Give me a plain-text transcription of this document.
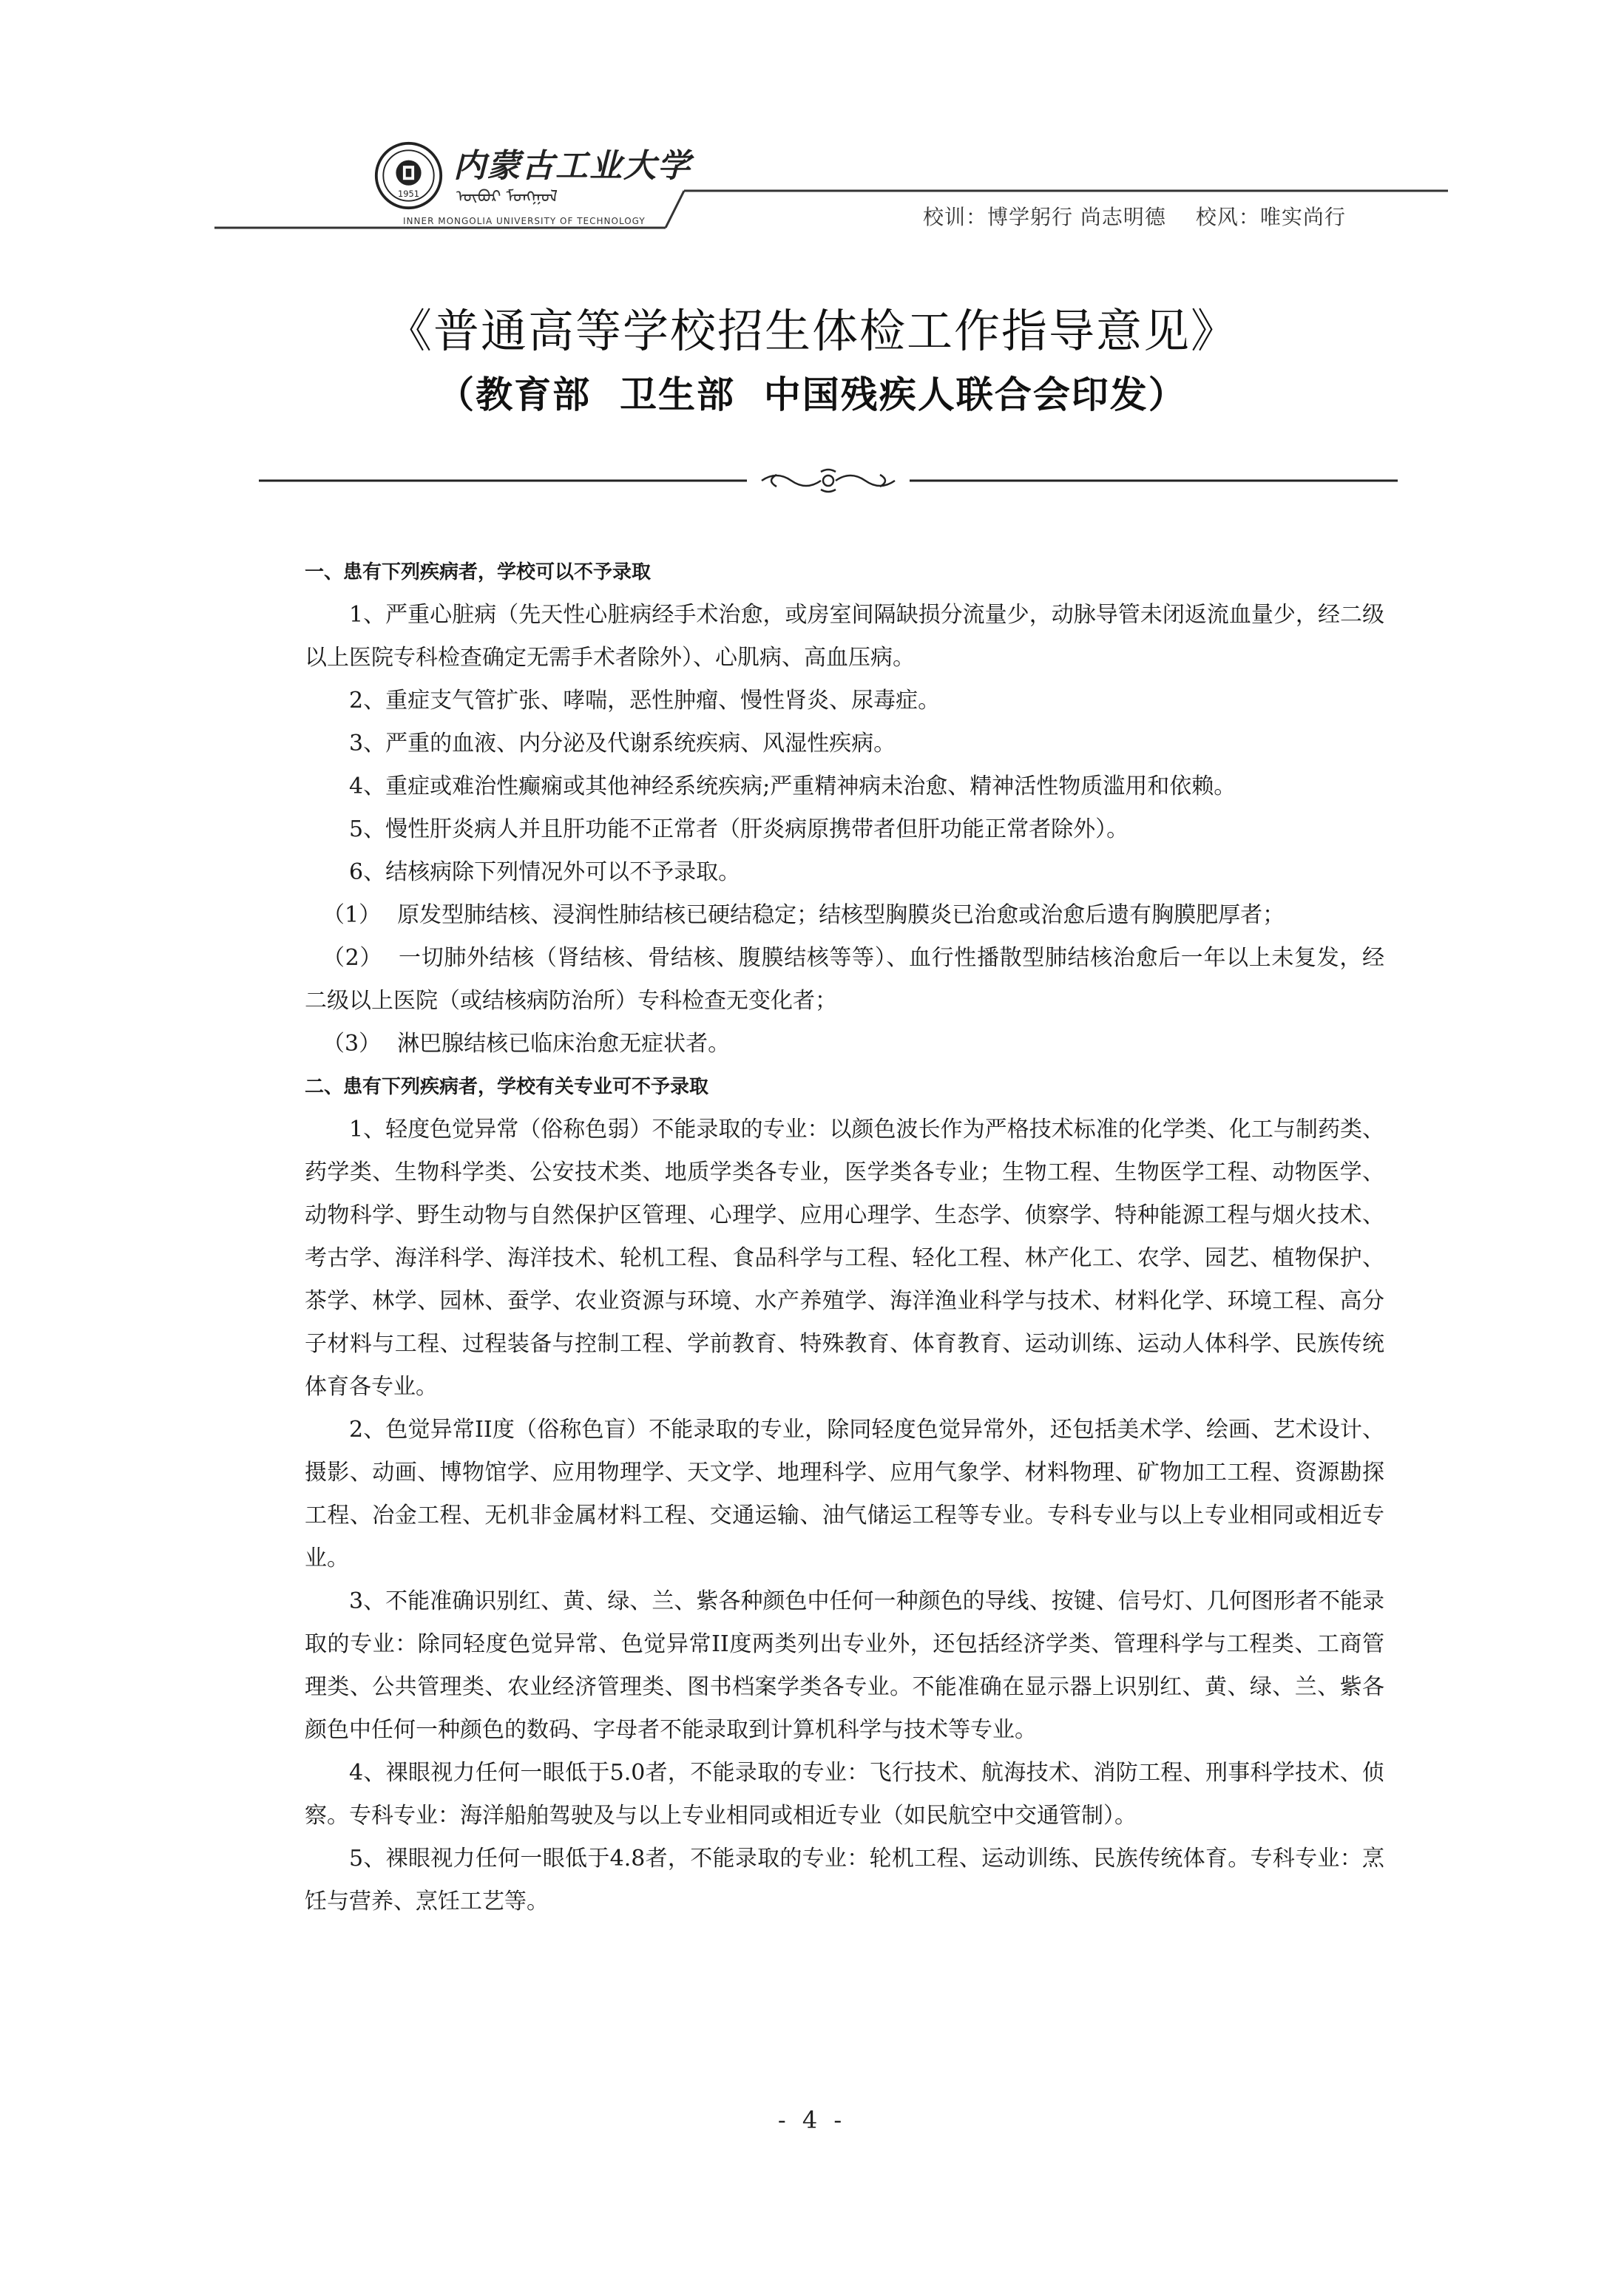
1951
内蒙古工业大学
ᠥᠪᠥᠷ ᠮᠣᠩᠭᠣᠯ
INNER MONGOLIA UNIVERSITY OF TECHNOLOGY	校训：博学躬行 尚志明德 校风：唯实尚行
《普通高等学校招生体检工作指导意见》
（教育部  卫生部  中国残疾人联合会印发）

一、患有下列疾病者，学校可以不予录取

1、严重心脏病（先天性心脏病经手术治愈，或房室间隔缺损分流量少，动脉导管未闭返流血量少，经二级以上医院专科检查确定无需手术者除外）、心肌病、高血压病。

2、重症支气管扩张、哮喘，恶性肿瘤、慢性肾炎、尿毒症。

3、严重的血液、内分泌及代谢系统疾病、风湿性疾病。

4、重症或难治性癫痫或其他神经系统疾病;严重精神病未治愈、精神活性物质滥用和依赖。

5、慢性肝炎病人并且肝功能不正常者（肝炎病原携带者但肝功能正常者除外）。

6、结核病除下列情况外可以不予录取。

（1） 原发型肺结核、浸润性肺结核已硬结稳定；结核型胸膜炎已治愈或治愈后遗有胸膜肥厚者；

（2） 一切肺外结核（肾结核、骨结核、腹膜结核等等）、血行性播散型肺结核治愈后一年以上未复发，经二级以上医院（或结核病防治所）专科检查无变化者；

（3） 淋巴腺结核已临床治愈无症状者。

二、患有下列疾病者，学校有关专业可不予录取

1、轻度色觉异常（俗称色弱）不能录取的专业：以颜色波长作为严格技术标准的化学类、化工与制药类、药学类、生物科学类、公安技术类、地质学类各专业，医学类各专业；生物工程、生物医学工程、动物医学、动物科学、野生动物与自然保护区管理、心理学、应用心理学、生态学、侦察学、特种能源工程与烟火技术、考古学、海洋科学、海洋技术、轮机工程、食品科学与工程、轻化工程、林产化工、农学、园艺、植物保护、茶学、林学、园林、蚕学、农业资源与环境、水产养殖学、海洋渔业科学与技术、材料化学、环境工程、高分子材料与工程、过程装备与控制工程、学前教育、特殊教育、体育教育、运动训练、运动人体科学、民族传统体育各专业。

2、色觉异常II度（俗称色盲）不能录取的专业，除同轻度色觉异常外，还包括美术学、绘画、艺术设计、摄影、动画、博物馆学、应用物理学、天文学、地理科学、应用气象学、材料物理、矿物加工工程、资源勘探工程、冶金工程、无机非金属材料工程、交通运输、油气储运工程等专业。专科专业与以上专业相同或相近专业。

3、不能准确识别红、黄、绿、兰、紫各种颜色中任何一种颜色的导线、按键、信号灯、几何图形者不能录取的专业：除同轻度色觉异常、色觉异常II度两类列出专业外，还包括经济学类、管理科学与工程类、工商管理类、公共管理类、农业经济管理类、图书档案学类各专业。不能准确在显示器上识别红、黄、绿、兰、紫各颜色中任何一种颜色的数码、字母者不能录取到计算机科学与技术等专业。

4、裸眼视力任何一眼低于5.0者，不能录取的专业：飞行技术、航海技术、消防工程、刑事科学技术、侦察。专科专业：海洋船舶驾驶及与以上专业相同或相近专业（如民航空中交通管制）。

5、裸眼视力任何一眼低于4.8者，不能录取的专业：轮机工程、运动训练、民族传统体育。专科专业：烹饪与营养、烹饪工艺等。

- 4 -
